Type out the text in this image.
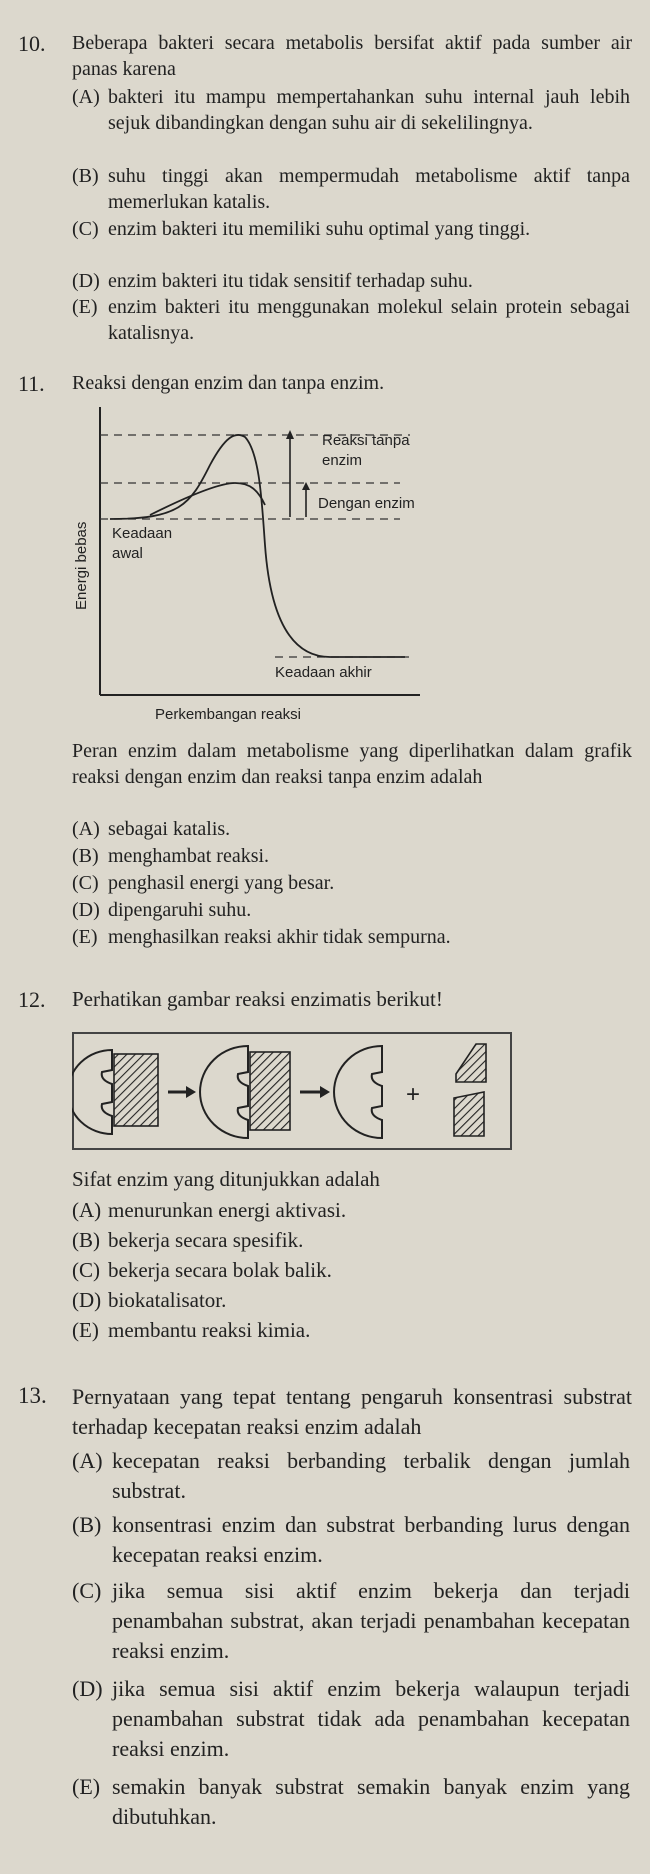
10.	Beberapa bakteri secara metabolis bersifat aktif pada sumber air panas karena
(A) bakteri itu mampu mempertahankan suhu internal jauh lebih sejuk dibandingkan dengan suhu air di sekelilingnya.
(B) suhu tinggi akan mempermudah metabolisme aktif tanpa memerlukan katalis.
(C) enzim bakteri itu memiliki suhu optimal yang tinggi.
(D) enzim bakteri itu tidak sensitif terhadap suhu.
(E) enzim bakteri itu menggunakan molekul selain protein sebagai katalisnya.
11.	Reaksi dengan enzim dan tanpa enzim.
Reaksi tanpa
enzim
Dengan enzim
Keadaan
awal
Keadaan akhir
Perkembangan reaksi
Energi bebas
Peran enzim dalam metabolisme yang diperlihatkan dalam grafik reaksi dengan enzim dan reaksi tanpa enzim adalah
(A) sebagai katalis.
(B) menghambat reaksi.
(C) penghasil energi yang besar.
(D) dipengaruhi suhu.
(E) menghasilkan reaksi akhir tidak sempurna.
12.	Perhatikan gambar reaksi enzimatis berikut!
+
Sifat enzim yang ditunjukkan adalah
(A) menurunkan energi aktivasi.
(B) bekerja secara spesifik.
(C) bekerja secara bolak balik.
(D) biokatalisator.
(E) membantu reaksi kimia.
13.	Pernyataan yang tepat tentang pengaruh konsentrasi substrat terhadap kecepatan reaksi enzim adalah
(A) kecepatan reaksi berbanding terbalik dengan jumlah substrat.
(B) konsentrasi enzim dan substrat berbanding lurus dengan kecepatan reaksi enzim.
(C) jika semua sisi aktif enzim bekerja dan terjadi penambahan substrat, akan terjadi penambahan kecepatan reaksi enzim.
(D) jika semua sisi aktif enzim bekerja walaupun terjadi penambahan substrat tidak ada penambahan kecepatan reaksi enzim.
(E) semakin banyak substrat semakin banyak enzim yang dibutuhkan.
